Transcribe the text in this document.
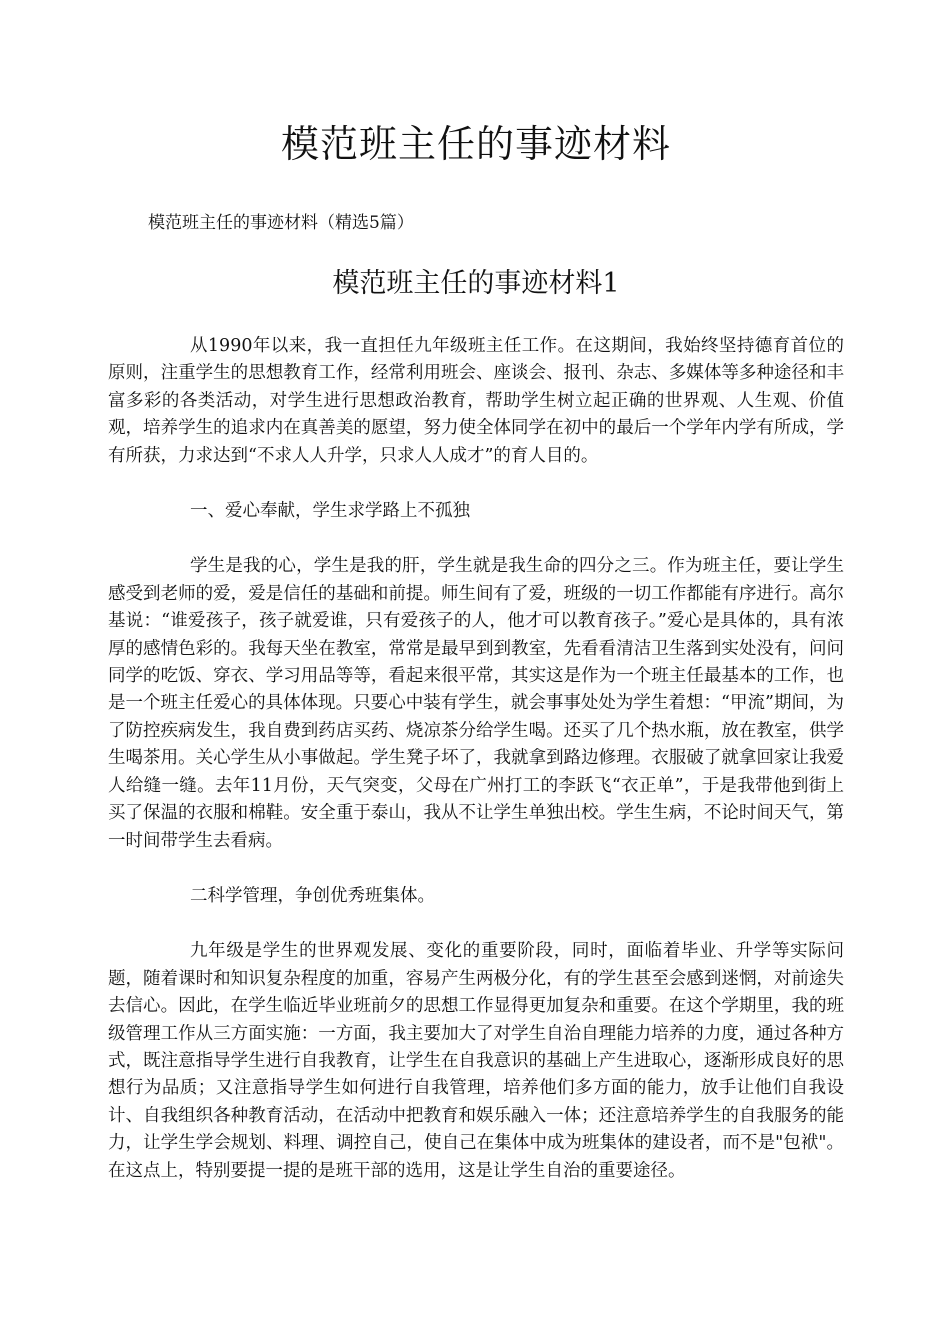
模范班主任的事迹材料

模范班主任的事迹材料（精选5篇）

模范班主任的事迹材料1

从1990年以来，我一直担任九年级班主任工作。在这期间，我始终坚持德育首位的原则，注重学生的思想教育工作，经常利用班会、座谈会、报刊、杂志、多媒体等多种途径和丰富多彩的各类活动，对学生进行思想政治教育，帮助学生树立起正确的世界观、人生观、价值观，培养学生的追求内在真善美的愿望，努力使全体同学在初中的最后一个学年内学有所成，学有所获，力求达到“不求人人升学，只求人人成才”的育人目的。

一、爱心奉献，学生求学路上不孤独

学生是我的心，学生是我的肝，学生就是我生命的四分之三。作为班主任，要让学生感受到老师的爱，爱是信任的基础和前提。师生间有了爱，班级的一切工作都能有序进行。高尔基说：“谁爱孩子，孩子就爱谁，只有爱孩子的人，他才可以教育孩子。”爱心是具体的，具有浓厚的感情色彩的。我每天坐在教室，常常是最早到到教室，先看看清洁卫生落到实处没有，问问同学的吃饭、穿衣、学习用品等等，看起来很平常，其实这是作为一个班主任最基本的工作，也是一个班主任爱心的具体体现。只要心中装有学生，就会事事处处为学生着想：“甲流”期间，为了防控疾病发生，我自费到药店买药、烧凉茶分给学生喝。还买了几个热水瓶，放在教室，供学生喝茶用。关心学生从小事做起。学生凳子坏了，我就拿到路边修理。衣服破了就拿回家让我爱人给缝一缝。去年11月份，天气突变，父母在广州打工的李跃飞“衣正单”，于是我带他到街上买了保温的衣服和棉鞋。安全重于泰山，我从不让学生单独出校。学生生病，不论时间天气，第一时间带学生去看病。

二科学管理，争创优秀班集体。

九年级是学生的世界观发展、变化的重要阶段，同时，面临着毕业、升学等实际问题，随着课时和知识复杂程度的加重，容易产生两极分化，有的学生甚至会感到迷惘，对前途失去信心。因此，在学生临近毕业班前夕的思想工作显得更加复杂和重要。在这个学期里，我的班级管理工作从三方面实施：一方面，我主要加大了对学生自治自理能力培养的力度，通过各种方式，既注意指导学生进行自我教育，让学生在自我意识的基础上产生进取心，逐渐形成良好的思想行为品质；又注意指导学生如何进行自我管理，培养他们多方面的能力，放手让他们自我设计、自我组织各种教育活动，在活动中把教育和娱乐融入一体；还注意培养学生的自我服务的能力，让学生学会规划、料理、调控自己，使自己在集体中成为班集体的建设者，而不是"包袱"。在这点上，特别要提一提的是班干部的选用，这是让学生自治的重要途径。
